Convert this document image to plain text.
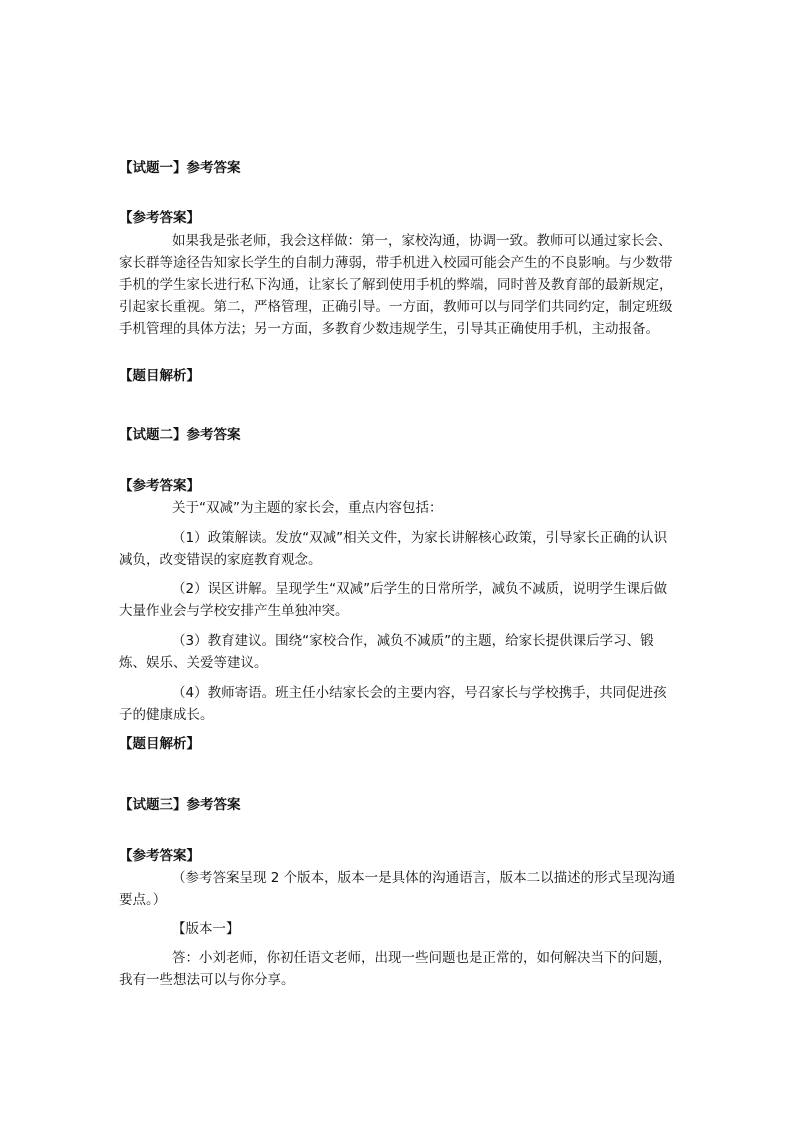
【试题一】参考答案

【参考答案】

如果我是张老师，我会这样做：第一，家校沟通，协调一致。教师可以通过家长会、家长群等途径告知家长学生的自制力薄弱，带手机进入校园可能会产生的不良影响。与少数带手机的学生家长进行私下沟通，让家长了解到使用手机的弊端，同时普及教育部的最新规定，引起家长重视。第二，严格管理，正确引导。一方面，教师可以与同学们共同约定，制定班级手机管理的具体方法；另一方面，多教育少数违规学生，引导其正确使用手机，主动报备。

【题目解析】

【试题二】参考答案

【参考答案】

关于“双减”为主题的家长会，重点内容包括：

（1）政策解读。发放“双减”相关文件，为家长讲解核心政策，引导家长正确的认识减负，改变错误的家庭教育观念。

（2）误区讲解。呈现学生“双减”后学生的日常所学，减负不减质，说明学生课后做大量作业会与学校安排产生单独冲突。

（3）教育建议。围绕“家校合作，减负不减质”的主题，给家长提供课后学习、锻炼、娱乐、关爱等建议。

（4）教师寄语。班主任小结家长会的主要内容，号召家长与学校携手，共同促进孩子的健康成长。

【题目解析】

【试题三】参考答案

【参考答案】

（参考答案呈现 2 个版本，版本一是具体的沟通语言，版本二以描述的形式呈现沟通要点。）

【版本一】

答：小刘老师，你初任语文老师，出现一些问题也是正常的，如何解决当下的问题，我有一些想法可以与你分享。
